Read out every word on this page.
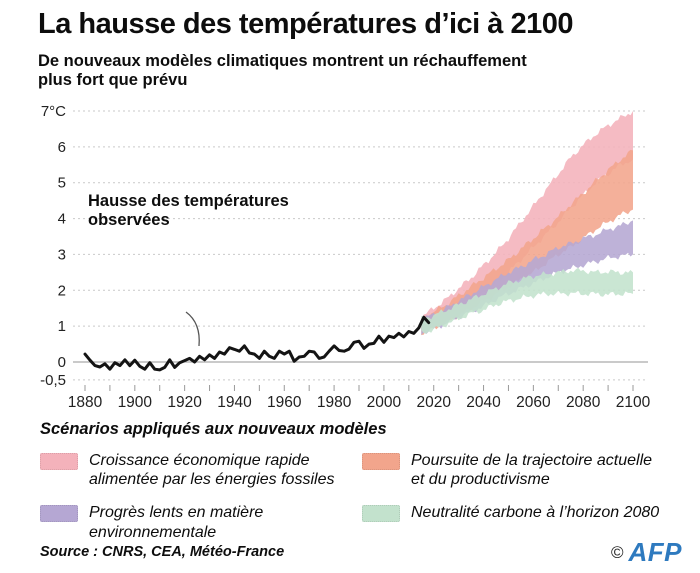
La hausse des températures d’ici à 2100
De nouveaux modèles climatiques montrent un réchauffement
plus fort que prévu
7°C
6
5
4
3
2
1
0
-0,5
1880 1900 1920 1940 1960 1980 2000 2020 2040 2060 2080 2100
Hausse des températures
observées
Scénarios appliqués aux nouveaux modèles
Croissance économique rapide alimentée par les énergies fossiles
Poursuite de la trajectoire actuelle et du productivisme
Progrès lents en matière environnementale
Neutralité carbone à l’horizon 2080
Source : CNRS, CEA, Météo-France	© AFP
